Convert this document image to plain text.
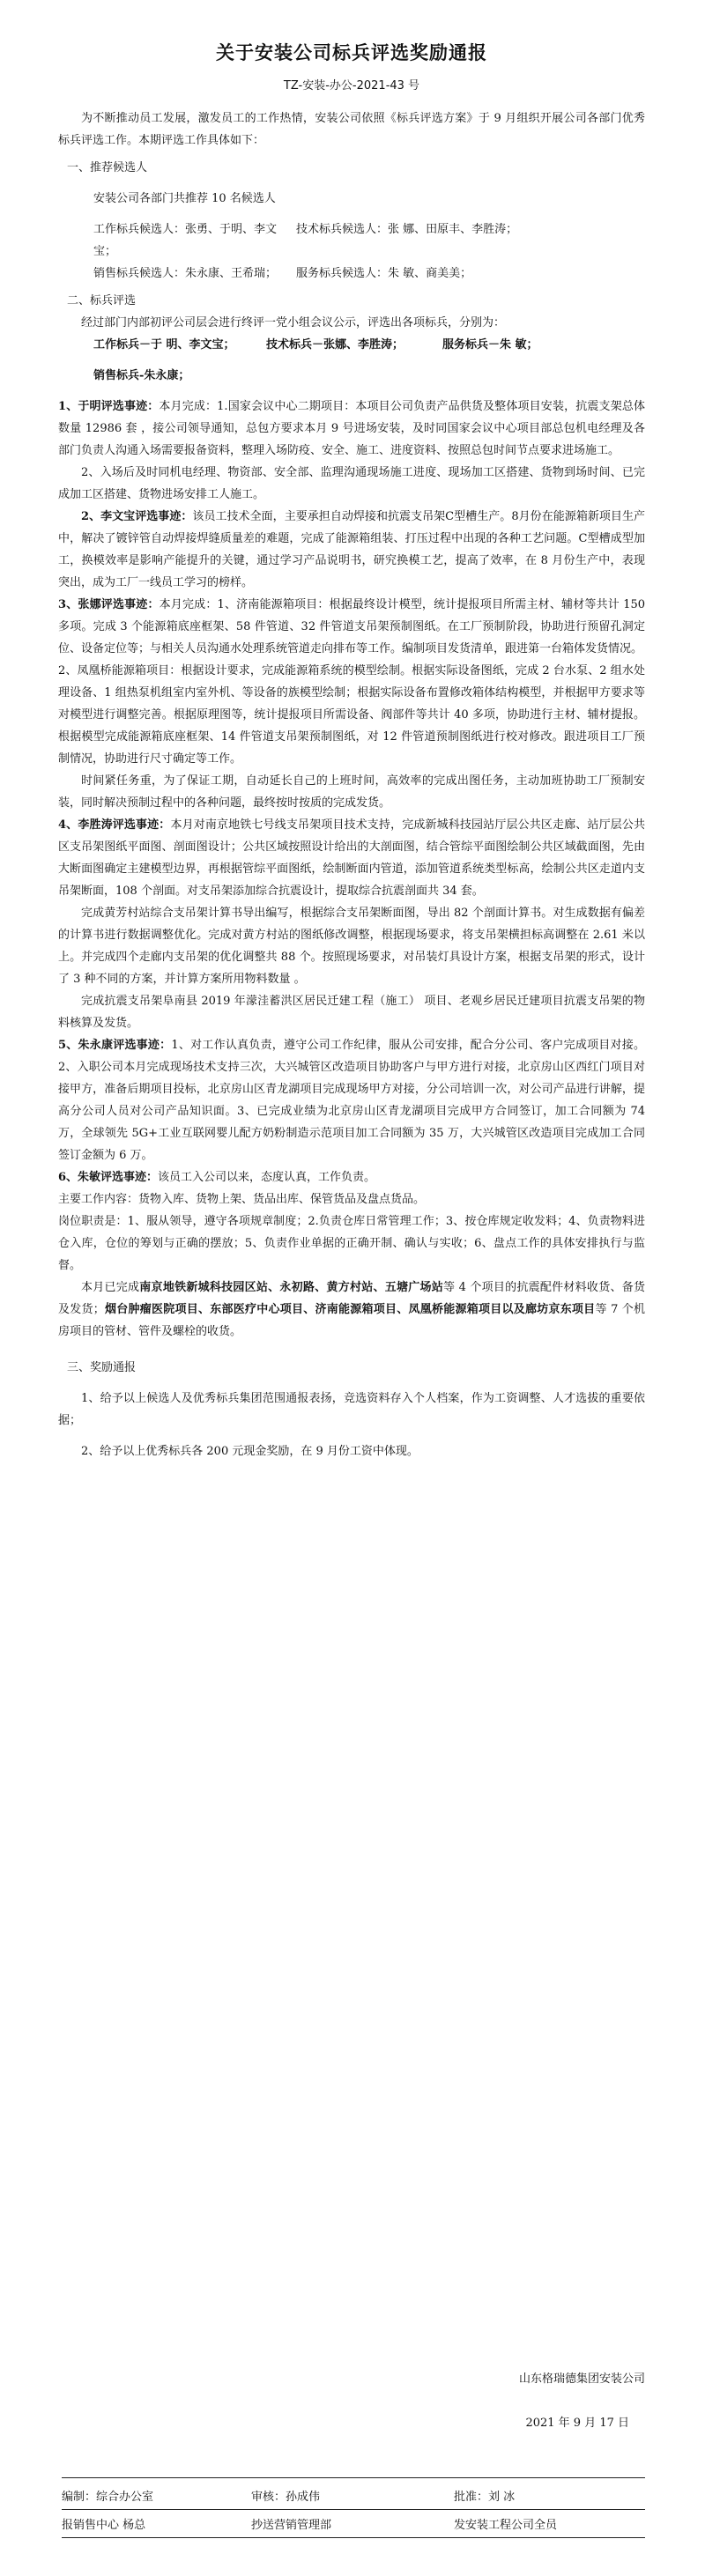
关于安装公司标兵评选奖励通报
TZ-安装-办公-2021-43 号

为不断推动员工发展，激发员工的工作热情，安装公司依照《标兵评选方案》于 9 月组织开展公司各部门优秀标兵评选工作。本期评选工作具体如下：

一、推荐候选人

安装公司各部门共推荐 10 名候选人

工作标兵候选人：张勇、于明、李文宝；
技术标兵候选人：张 娜、田原丰、李胜涛；
销售标兵候选人：朱永康、王希瑞；	服务标兵候选人：朱 敏、商美美；

二、标兵评选

经过部门内部初评公司层会进行终评一党小组会议公示，评选出各项标兵，分别为：

工作标兵－于 明、李文宝；	技术标兵－张娜、李胜涛；	服务标兵－朱 敏；

销售标兵-朱永康；

1、于明评选事迹：本月完成：1.国家会议中心二期项目：本项目公司负责产品供货及整体项目安装，抗震支架总体数量 12986 套 ，接公司领导通知，总包方要求本月 9 号进场安装，及时同国家会议中心项目部总包机电经理及各部门负责人沟通入场需要报备资料，整理入场防疫、安全、施工、进度资料、按照总包时间节点要求进场施工。

2、入场后及时同机电经理、物资部、安全部、监理沟通现场施工进度、现场加工区搭建、货物到场时间、已完成加工区搭建、货物进场安排工人施工。

2、李文宝评选事迹：该员工技术全面，主要承担自动焊接和抗震支吊架C型槽生产。8月份在能源箱新项目生产中，解决了镀锌管自动焊接焊缝质量差的难题，完成了能源箱组装、打压过程中出现的各种工艺问题。C型槽成型加工，换模效率是影响产能提升的关键，通过学习产品说明书，研究换模工艺，提高了效率，在 8 月份生产中，表现突出，成为工厂一线员工学习的榜样。

3、张娜评选事迹：本月完成：1、济南能源箱项目：根据最终设计模型，统计提报项目所需主材、辅材等共计 150 多项。完成 3 个能源箱底座框架、58 件管道、32 件管道支吊架预制图纸。在工厂预制阶段，协助进行预留孔洞定位、设备定位等；与相关人员沟通水处理系统管道走向排布等工作。编制项目发货清单，跟进第一台箱体发货情况。

2、凤凰桥能源箱项目：根据设计要求，完成能源箱系统的模型绘制。根据实际设备图纸，完成 2 台水泵、2 组水处理设备、1 组热泵机组室内室外机、等设备的族模型绘制；根据实际设备布置修改箱体结构模型，并根据甲方要求等对模型进行调整完善。根据原理图等，统计提报项目所需设备、阀部件等共计 40 多项，协助进行主材、辅材提报。根据模型完成能源箱底座框架、14 件管道支吊架预制图纸，对 12 件管道预制图纸进行校对修改。跟进项目工厂预制情况，协助进行尺寸确定等工作。

时间紧任务重，为了保证工期，自动延长自己的上班时间，高效率的完成出图任务，主动加班协助工厂预制安装，同时解决预制过程中的各种问题，最终按时按质的完成发货。

4、李胜涛评选事迹：本月对南京地铁七号线支吊架项目技术支持，完成新城科技园站厅层公共区走廊、站厅层公共区支吊架图纸平面图、剖面图设计；公共区域按照设计给出的大剖面图，结合管综平面图绘制公共区域截面图，先由大断面图确定主建模型边界，再根据管综平面图纸，绘制断面内管道，添加管道系统类型标高，绘制公共区走道内支吊架断面，108 个剖面。对支吊架添加综合抗震设计，提取综合抗震剖面共 34 套。

完成黄芳村站综合支吊架计算书导出编写，根据综合支吊架断面图，导出 82 个剖面计算书。对生成数据有偏差的计算书进行数据调整优化。完成对黄方村站的图纸修改调整，根据现场要求，将支吊架横担标高调整在 2.61 米以上。并完成四个走廊内支吊架的优化调整共 88 个。按照现场要求，对吊装灯具设计方案，根据支吊架的形式，设计了 3 种不同的方案，并计算方案所用物料数量 。

完成抗震支吊架阜南县 2019 年濛洼蓄洪区居民迁建工程（施工） 项目、老观乡居民迁建项目抗震支吊架的物料核算及发货。

5、朱永康评选事迹：1、对工作认真负责，遵守公司工作纪律，服从公司安排，配合分公司、客户完成项目对接。2、入职公司本月完成现场技术支持三次，大兴城管区改造项目协助客户与甲方进行对接，北京房山区西红门项目对接甲方，准备后期项目投标，北京房山区青龙湖项目完成现场甲方对接，分公司培训一次，对公司产品进行讲解，提高分公司人员对公司产品知识面。3、已完成业绩为北京房山区青龙湖项目完成甲方合同签订，加工合同额为 74 万，全球领先 5G+工业互联网婴儿配方奶粉制造示范项目加工合同额为 35 万，大兴城管区改造项目完成加工合同签订金额为 6 万。

6、朱敏评选事迹：该员工入公司以来，态度认真，工作负责。

主要工作内容：货物入库、货物上架、货品出库、保管货品及盘点货品。

岗位职责是：1、服从领导，遵守各项规章制度；2.负责仓库日常管理工作；3、按仓库规定收发料；4、负责物料进仓入库，仓位的筹划与正确的摆放；5、负责作业单据的正确开制、确认与实收；6、盘点工作的具体安排执行与监督。

本月已完成南京地铁新城科技园区站、永初路、黄方村站、五塘广场站等 4 个项目的抗震配件材料收货、备货及发货；烟台肿瘤医院项目、东部医疗中心项目、济南能源箱项目、凤凰桥能源箱项目以及廊坊京东项目等 7 个机房项目的管材、管件及螺栓的收货。

三、奖励通报

1、给予以上候选人及优秀标兵集团范围通报表扬，竞选资料存入个人档案，作为工资调整、人才选拔的重要依据；

2、给予以上优秀标兵各 200 元现金奖励，在 9 月份工资中体现。

山东格瑞德集团安装公司
2021 年 9 月 17 日
编制：综合办公室	审核：孙成伟	批准：刘 冰
报销售中心 杨总	抄送营销管理部	发安装工程公司全员
